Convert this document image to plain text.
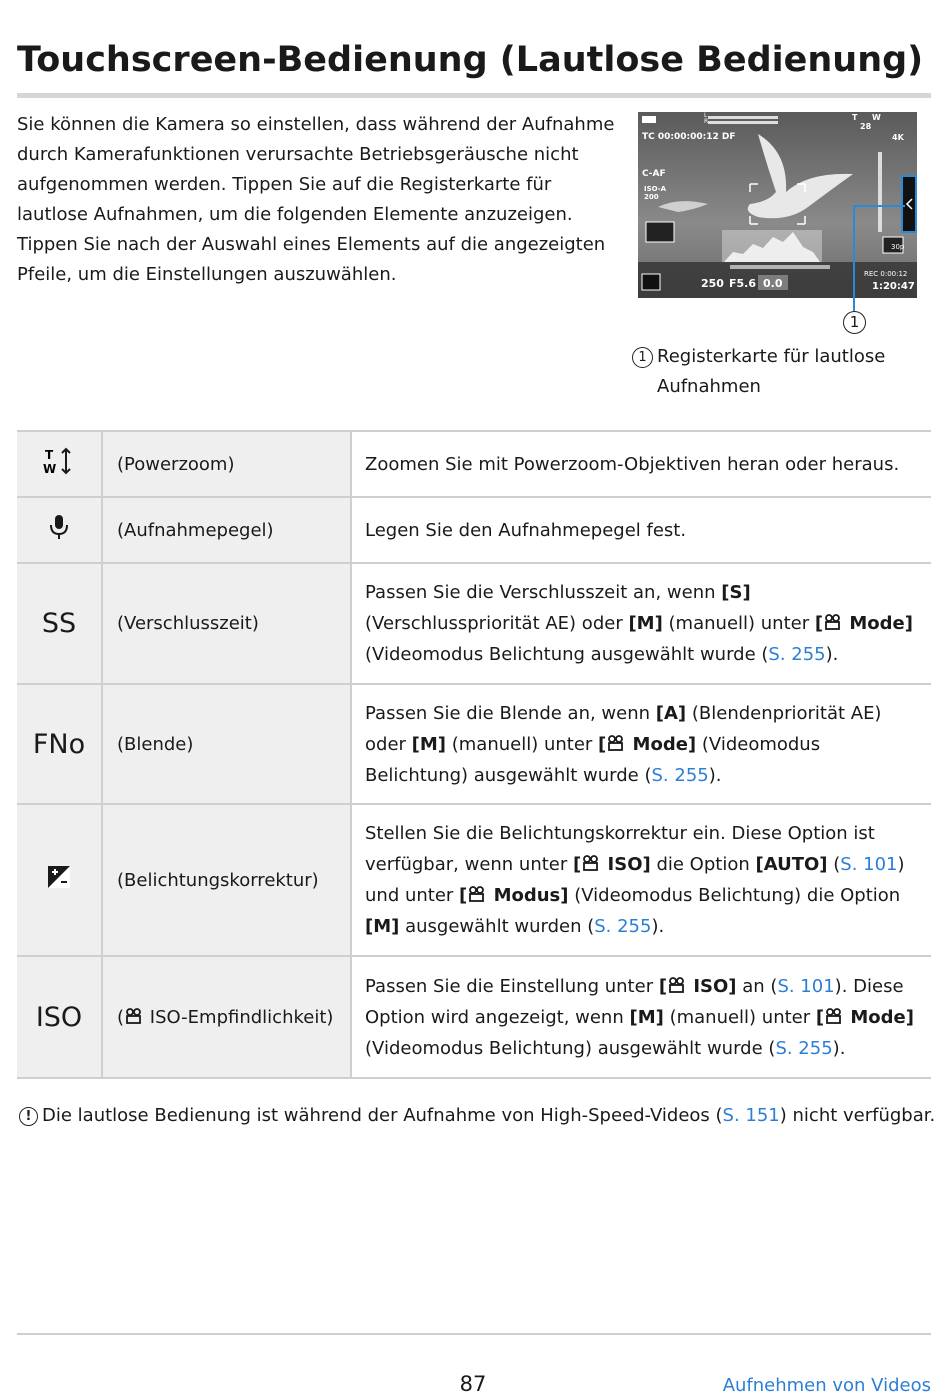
Touchscreen-Bedienung (Lautlose Bedienung)

Sie können die Kamera so einstellen, dass während der Aufnahme durch Kamerafunktionen verursachte Betriebsgeräusche nicht aufgenommen werden. Tippen Sie auf die Registerkarte für lautlose Aufnahmen, um die folgenden Elemente anzuzeigen. Tippen Sie nach der Auswahl eines Elements auf die angezeigten Pfeile, um die Einstellungen auszuwählen.

TC 00:00:00:12 DF
C-AF
ISO-A
200
250 F5.6 0.0
REC 0:00:12
1:20:47
T W
28
4K
30p
L
R
1
1 Registerkarte für lautlose Aufnahmen
T
W	(Powerzoom)	Zoomen Sie mit Powerzoom-Objektiven heran oder heraus.
	(Aufnahmepegel)	Legen Sie den Aufnahmepegel fest.
SS	(Verschlusszeit)	Passen Sie die Verschlusszeit an, wenn [S] (Verschlusspriorität AE) oder [M] (manuell) unter [ Mode] (Videomodus Belichtung ausgewählt wurde (S. 255).
FNo	(Blende)	Passen Sie die Blende an, wenn [A] (Blendenpriorität AE) oder [M] (manuell) unter [ Mode] (Videomodus Belichtung) ausgewählt wurde (S. 255).
	(Belichtungskorrektur)	Stellen Sie die Belichtungskorrektur ein. Diese Option ist verfügbar, wenn unter [ ISO] die Option [AUTO] (S. 101) und unter [ Modus] (Videomodus Belichtung) die Option [M] ausgewählt wurden (S. 255).
ISO	( ISO-Empfindlichkeit)	Passen Sie die Einstellung unter [ ISO] an (S. 101). Diese Option wird angezeigt, wenn [M] (manuell) unter [ Mode] (Videomodus Belichtung) ausgewählt wurde (S. 255).
! Die lautlose Bedienung ist während der Aufnahme von High-Speed-Videos (S. 151) nicht verfügbar.
87	Aufnehmen von Videos
